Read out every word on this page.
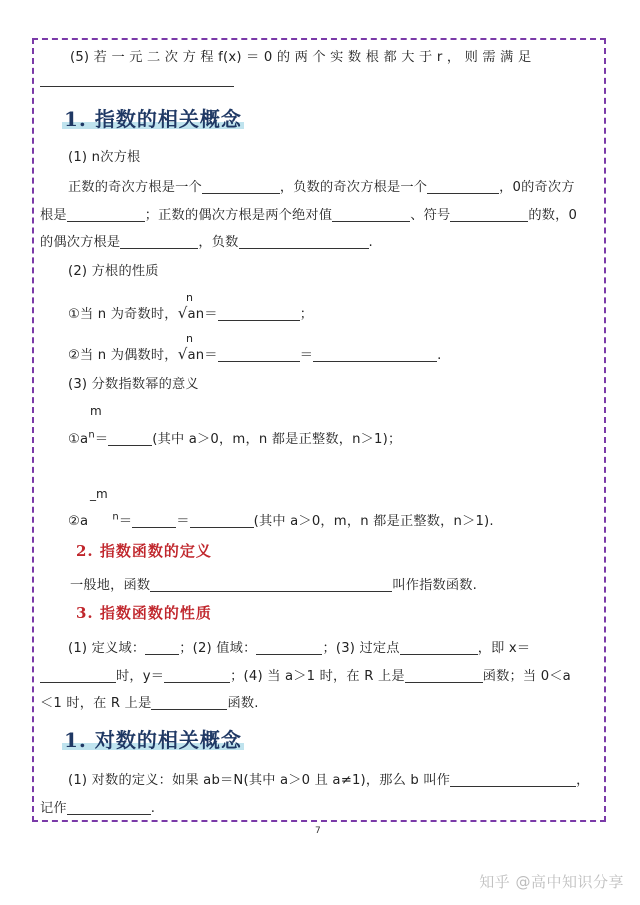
(5) 若 一 元 二 次 方 程 f(x) ＝ 0 的 两 个 实 数 根 都 大 于 r ， 则 需 满 足
1. 指数的相关概念
(1) n次方根
正数的奇次方根是一个	，负数的奇次方根是一个	，0的奇次方
根是	；正数的偶次方根是两个绝对值	、符号	的数，0
的偶次方根是	，负数	.
(2) 方根的性质
n
①当 n 为奇数时，√an＝	；
n
②当 n 为偶数时，√an＝	＝	.
(3) 分数指数幂的意义
m
$①a^n=$	(其中 a＞0，m，n 都是正整数，n＞1)；
_m
②a $^n$＝	＝	(其中 a＞0，m，n 都是正整数，n＞1).
2. 指数函数的定义
一般地，函数	叫作指数函数.
3. 指数函数的性质
(1) 定义域：	；(2) 值域：	；(3) 过定点	，即 x＝
时，y＝	；(4) 当 a＞1 时，在 R 上是	函数；当 0＜a
＜1 时，在 R 上是	函数.
1. 对数的相关概念
(1) 对数的定义：如果 ab＝N(其中 a＞0 且 a≠1)，那么 b 叫作	，
记作	.
7
知乎 @高中知识分享
